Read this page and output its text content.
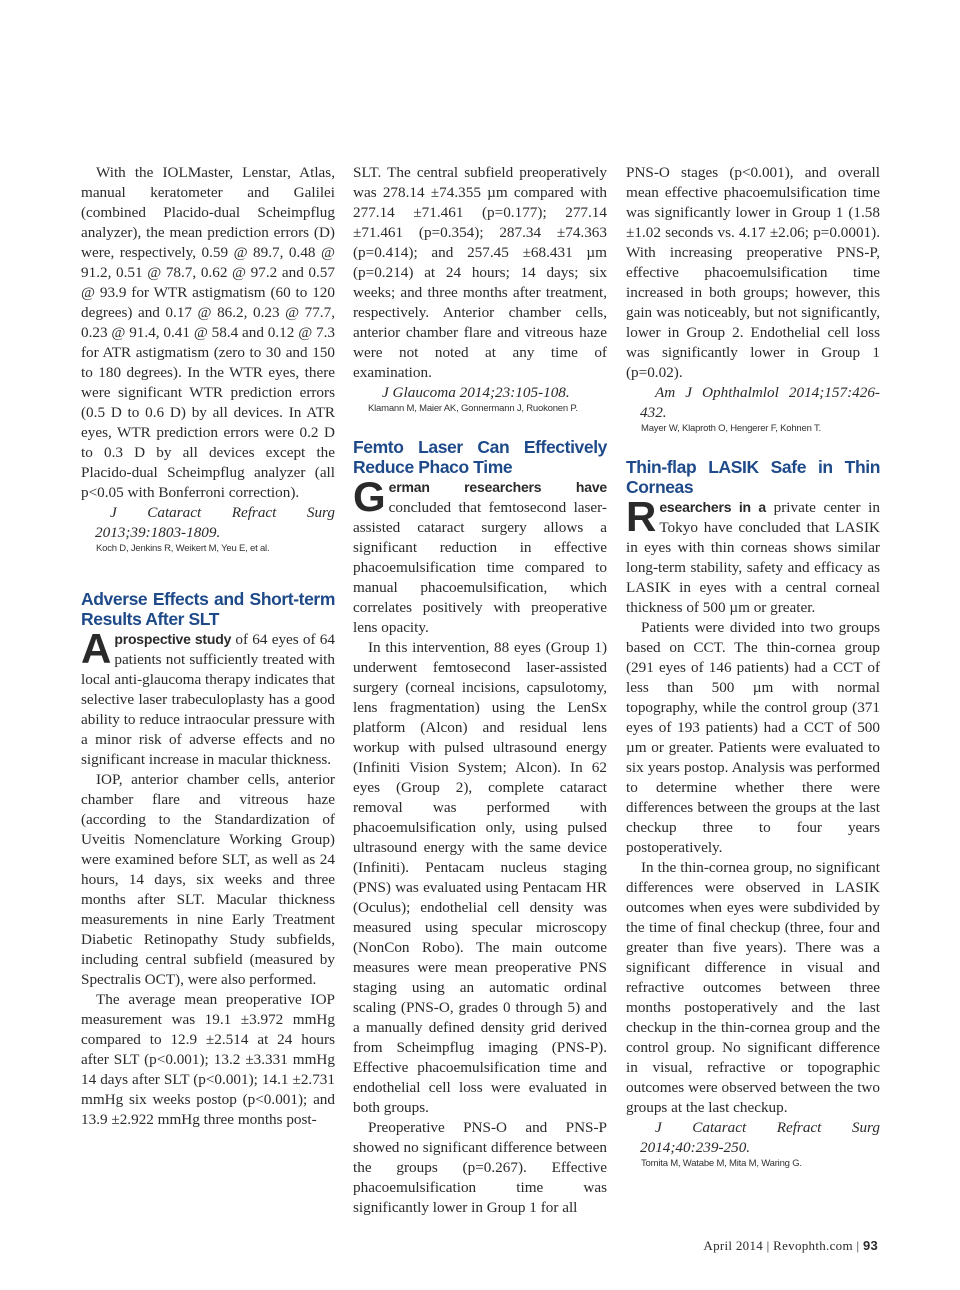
With the IOLMaster, Lenstar, Atlas, manual keratometer and Galilei (combined Placido-dual Scheimpflug analyzer), the mean prediction errors (D) were, respectively, 0.59 @ 89.7, 0.48 @ 91.2, 0.51 @ 78.7, 0.62 @ 97.2 and 0.57 @ 93.9 for WTR astigmatism (60 to 120 degrees) and 0.17 @ 86.2, 0.23 @ 77.7, 0.23 @ 91.4, 0.41 @ 58.4 and 0.12 @ 7.3 for ATR astigmatism (zero to 30 and 150 to 180 degrees). In the WTR eyes, there were significant WTR prediction errors (0.5 D to 0.6 D) by all devices. In ATR eyes, WTR prediction errors were 0.2 D to 0.3 D by all devices except the Placido-dual Scheimpflug analyzer (all p<0.05 with Bonferroni correction).

J Cataract Refract Surg 2013;39:1803-1809.

Koch D, Jenkins R, Weikert M, Yeu E, et al.

Adverse Effects and Short-term Results After SLT

Aprospective study of 64 eyes of 64 patients not sufficiently treated with local anti-glaucoma therapy indicates that selective laser trabeculoplasty has a good ability to reduce intraocular pressure with a minor risk of adverse effects and no significant increase in macular thickness.

IOP, anterior chamber cells, anterior chamber flare and vitreous haze (according to the Standardization of Uveitis Nomenclature Working Group) were examined before SLT, as well as 24 hours, 14 days, six weeks and three months after SLT. Macular thickness measurements in nine Early Treatment Diabetic Retinopathy Study subfields, including central subfield (measured by Spectralis OCT), were also performed.

The average mean preoperative IOP measurement was 19.1 ±3.972 mmHg compared to 12.9 ±2.514 at 24 hours after SLT (p<0.001); 13.2 ±3.331 mmHg 14 days after SLT (p<0.001); 14.1 ±2.731 mmHg six weeks postop (p<0.001); and 13.9 ±2.922 mmHg three months post-

SLT. The central subfield preoperatively was 278.14 ±74.355 µm compared with 277.14 ±71.461 (p=0.177); 277.14 ±71.461 (p=0.354); 287.34 ±74.363 (p=0.414); and 257.45 ±68.431 µm (p=0.214) at 24 hours; 14 days; six weeks; and three months after treatment, respectively. Anterior chamber cells, anterior chamber flare and vitreous haze were not noted at any time of examination.

J Glaucoma 2014;23:105-108.

Klamann M, Maier AK, Gonnermann J, Ruokonen P.

Femto Laser Can Effectively Reduce Phaco Time

German researchers have concluded that femtosecond laser-assisted cataract surgery allows a significant reduction in effective phacoemulsification time compared to manual phacoemulsification, which correlates positively with preoperative lens opacity.

In this intervention, 88 eyes (Group 1) underwent femtosecond laser-assisted surgery (corneal incisions, capsulotomy, lens fragmentation) using the LenSx platform (Alcon) and residual lens workup with pulsed ultrasound energy (Infiniti Vision System; Alcon). In 62 eyes (Group 2), complete cataract removal was performed with phacoemulsification only, using pulsed ultrasound energy with the same device (Infiniti). Pentacam nucleus staging (PNS) was evaluated using Pentacam HR (Oculus); endothelial cell density was measured using specular microscopy (NonCon Robo). The main outcome measures were mean preoperative PNS staging using an automatic ordinal scaling (PNS-O, grades 0 through 5) and a manually defined density grid derived from Scheimpflug imaging (PNS-P). Effective phacoemulsification time and endothelial cell loss were evaluated in both groups.

Preoperative PNS-O and PNS-P showed no significant difference between the groups (p=0.267). Effective phacoemulsification time was significantly lower in Group 1 for all

PNS-O stages (p<0.001), and overall mean effective phacoemulsification time was significantly lower in Group 1 (1.58 ±1.02 seconds vs. 4.17 ±2.06; p=0.0001). With increasing preoperative PNS-P, effective phacoemulsification time increased in both groups; however, this gain was noticeably, but not significantly, lower in Group 2. Endothelial cell loss was significantly lower in Group 1 (p=0.02).

Am J Ophthalmlol 2014;157:426-432.

Mayer W, Klaproth O, Hengerer F, Kohnen T.

Thin-flap LASIK Safe in Thin Corneas

Researchers in a private center in Tokyo have concluded that LASIK in eyes with thin corneas shows similar long-term stability, safety and efficacy as LASIK in eyes with a central corneal thickness of 500 µm or greater.

Patients were divided into two groups based on CCT. The thin-cornea group (291 eyes of 146 patients) had a CCT of less than 500 µm with normal topography, while the control group (371 eyes of 193 patients) had a CCT of 500 µm or greater. Patients were evaluated to six years postop. Analysis was performed to determine whether there were differences between the groups at the last checkup three to four years postoperatively.

In the thin-cornea group, no significant differences were observed in LASIK outcomes when eyes were subdivided by the time of final checkup (three, four and greater than five years). There was a significant difference in visual and refractive outcomes between three months postoperatively and the last checkup in the thin-cornea group and the control group. No significant difference in visual, refractive or topographic outcomes were observed between the two groups at the last checkup.

J Cataract Refract Surg 2014;40:239-250.

Tomita M, Watabe M, Mita M, Waring G.

April 2014 | Revophth.com | 93
